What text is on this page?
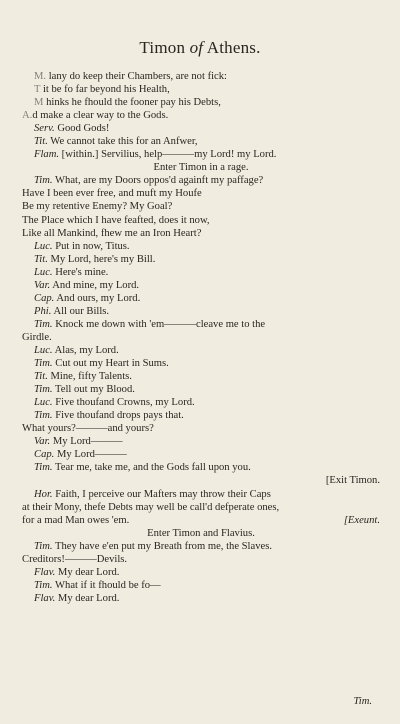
Timon of Athens.
M. lany do keep their Chambers, are not fick:
T it be fo far beyond his Health,
M hinks he fhould the fooner pay his Debts,
A.d make a clear way to the Gods.
Serv. Good Gods!
Tit. We cannot take this for an Anfwer,
Flam. [within.] Servilius, help———my Lord! my Lord.
Enter Timon in a rage.
Tim. What, are my Doors oppos'd againft my paffage?
Have I been ever free, and muft my Houfe
Be my retentive Enemy? My Goal?
The Place which I have feafted, does it now,
Like all Mankind, fhew me an Iron Heart?
Luc. Put in now, Titus.
Tit. My Lord, here's my Bill.
Luc. Here's mine.
Var. And mine, my Lord.
Cap. And ours, my Lord.
Phi. All our Bills.
Tim. Knock me down with 'em———cleave me to the
Girdle.
Luc. Alas, my Lord.
Tim. Cut out my Heart in Sums.
Tit. Mine, fifty Talents.
Tim. Tell out my Blood.
Luc. Five thoufand Crowns, my Lord.
Tim. Five thoufand drops pays that.
What yours?———and yours?
Var. My Lord———
Cap. My Lord———
Tim. Tear me, take me, and the Gods fall upon you.
[Exit Timon.
Hor. Faith, I perceive our Mafters may throw their Caps
at their Mony, thefe Debts may well be call'd defperate ones,
for a mad Man owes 'em.	[Exeunt.
Enter Timon and Flavius.
Tim. They have e'en put my Breath from me, the Slaves.
Creditors!———Devils.
Flav. My dear Lord.
Tim. What if it fhould be fo—
Flav. My dear Lord.
Tim.
